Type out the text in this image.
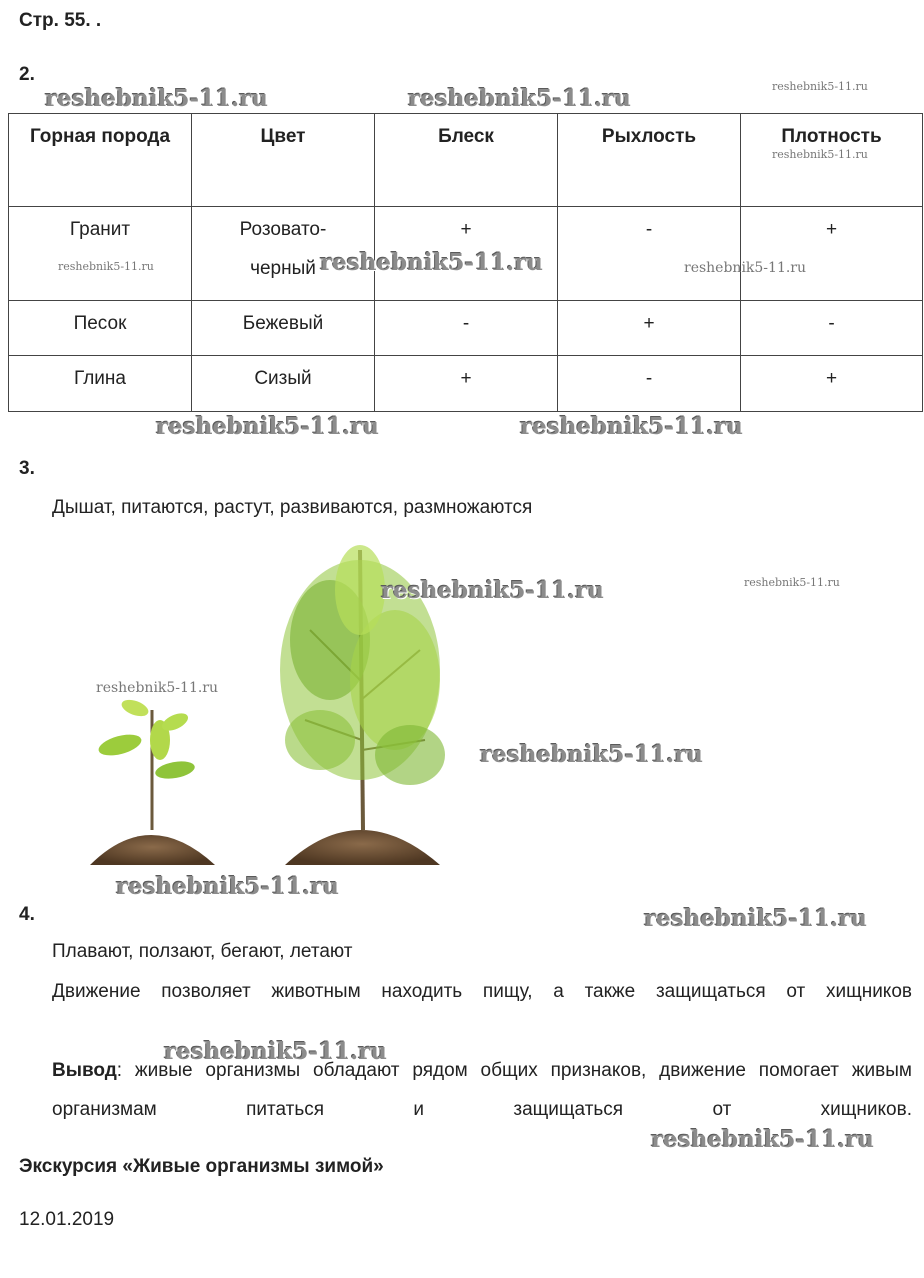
Стр. 55. .
2.
Горная порода	Цвет	Блеск	Рыхлость	Плотность
Гранит	Розовато-черный	+	-	+
Песок	Бежевый	-	+	-
Глина	Сизый	+	-	+
3.
Дышат, питаются, растут, развиваются, размножаются
4.
Плавают, ползают, бегают, летают
Движение позволяет животным находить пищу, а также защищаться от хищников
Вывод: живые организмы обладают рядом общих признаков, движение помогает живым организмам питаться и защищаться от хищников.
Экскурсия «Живые организмы зимой»
12.01.2019
reshebnik5-11.ru	reshebnik5-11.ru	reshebnik5-11.ru
reshebnik5-11.ru
reshebnik5-11.ru	reshebnik5-11.ru	reshebnik5-11.ru
reshebnik5-11.ru	reshebnik5-11.ru
reshebnik5-11.ru	reshebnik5-11.ru
reshebnik5-11.ru
reshebnik5-11.ru
reshebnik5-11.ru
reshebnik5-11.ru
reshebnik5-11.ru
reshebnik5-11.ru
